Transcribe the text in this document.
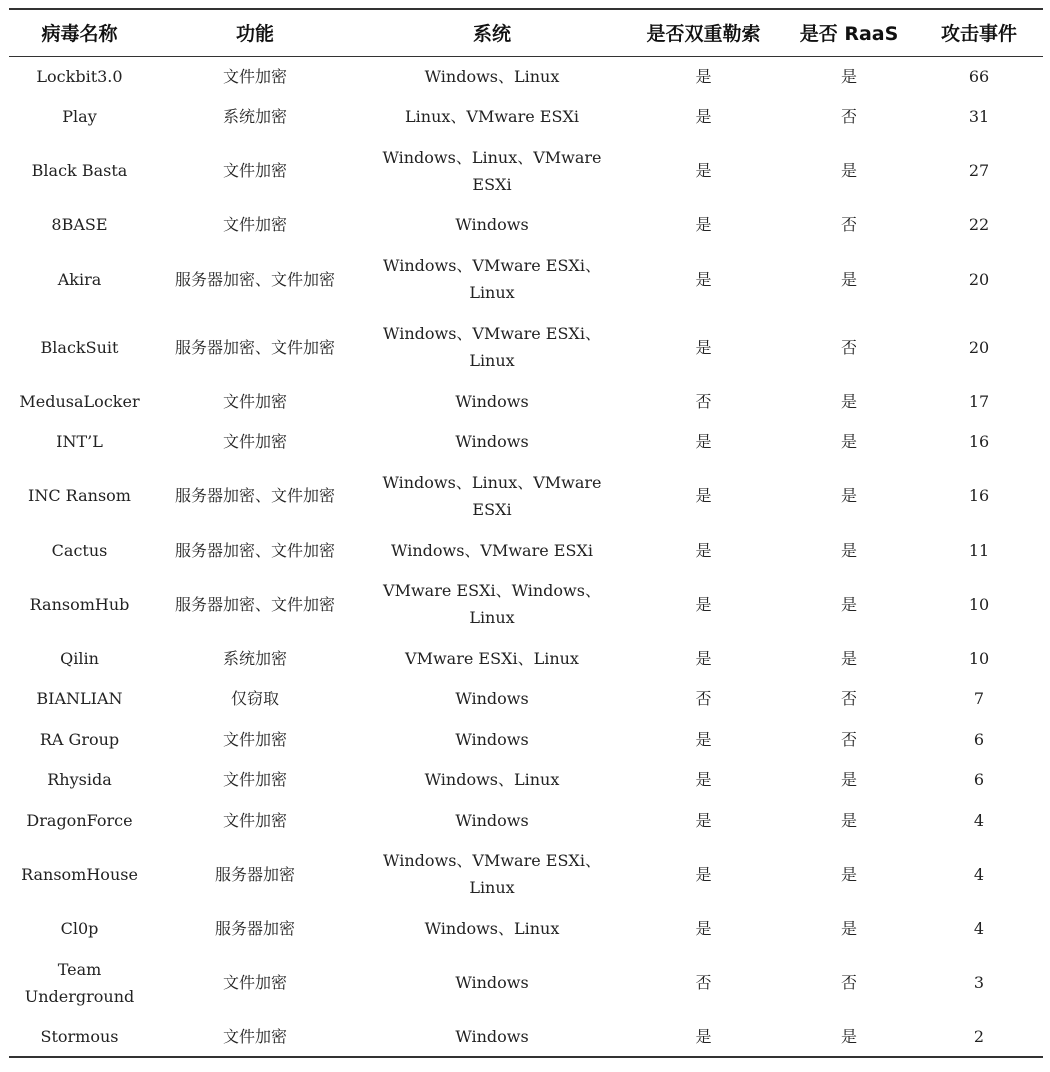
病毒名称	功能	系统	是否双重勒索	是否 RaaS	攻击事件
Lockbit3.0	文件加密	Windows、Linux	是	是	66
Play	系统加密	Linux、VMware ESXi	是	否	31
Black Basta	文件加密	Windows、Linux、VMware ESXi	是	是	27
8BASE	文件加密	Windows	是	否	22
Akira	服务器加密、文件加密	Windows、VMware ESXi、Linux	是	是	20
BlackSuit	服务器加密、文件加密	Windows、VMware ESXi、Linux	是	否	20
MedusaLocker	文件加密	Windows	否	是	17
INT’L	文件加密	Windows	是	是	16
INC Ransom	服务器加密、文件加密	Windows、Linux、VMware ESXi	是	是	16
Cactus	服务器加密、文件加密	Windows、VMware ESXi	是	是	11
RansomHub	服务器加密、文件加密	VMware ESXi、Windows、Linux	是	是	10
Qilin	系统加密	VMware ESXi、Linux	是	是	10
BIANLIAN	仅窃取	Windows	否	否	7
RA Group	文件加密	Windows	是	否	6
Rhysida	文件加密	Windows、Linux	是	是	6
DragonForce	文件加密	Windows	是	是	4
RansomHouse	服务器加密	Windows、VMware ESXi、Linux	是	是	4
Cl0p	服务器加密	Windows、Linux	是	是	4
Team Underground	文件加密	Windows	否	否	3
Stormous	文件加密	Windows	是	是	2
